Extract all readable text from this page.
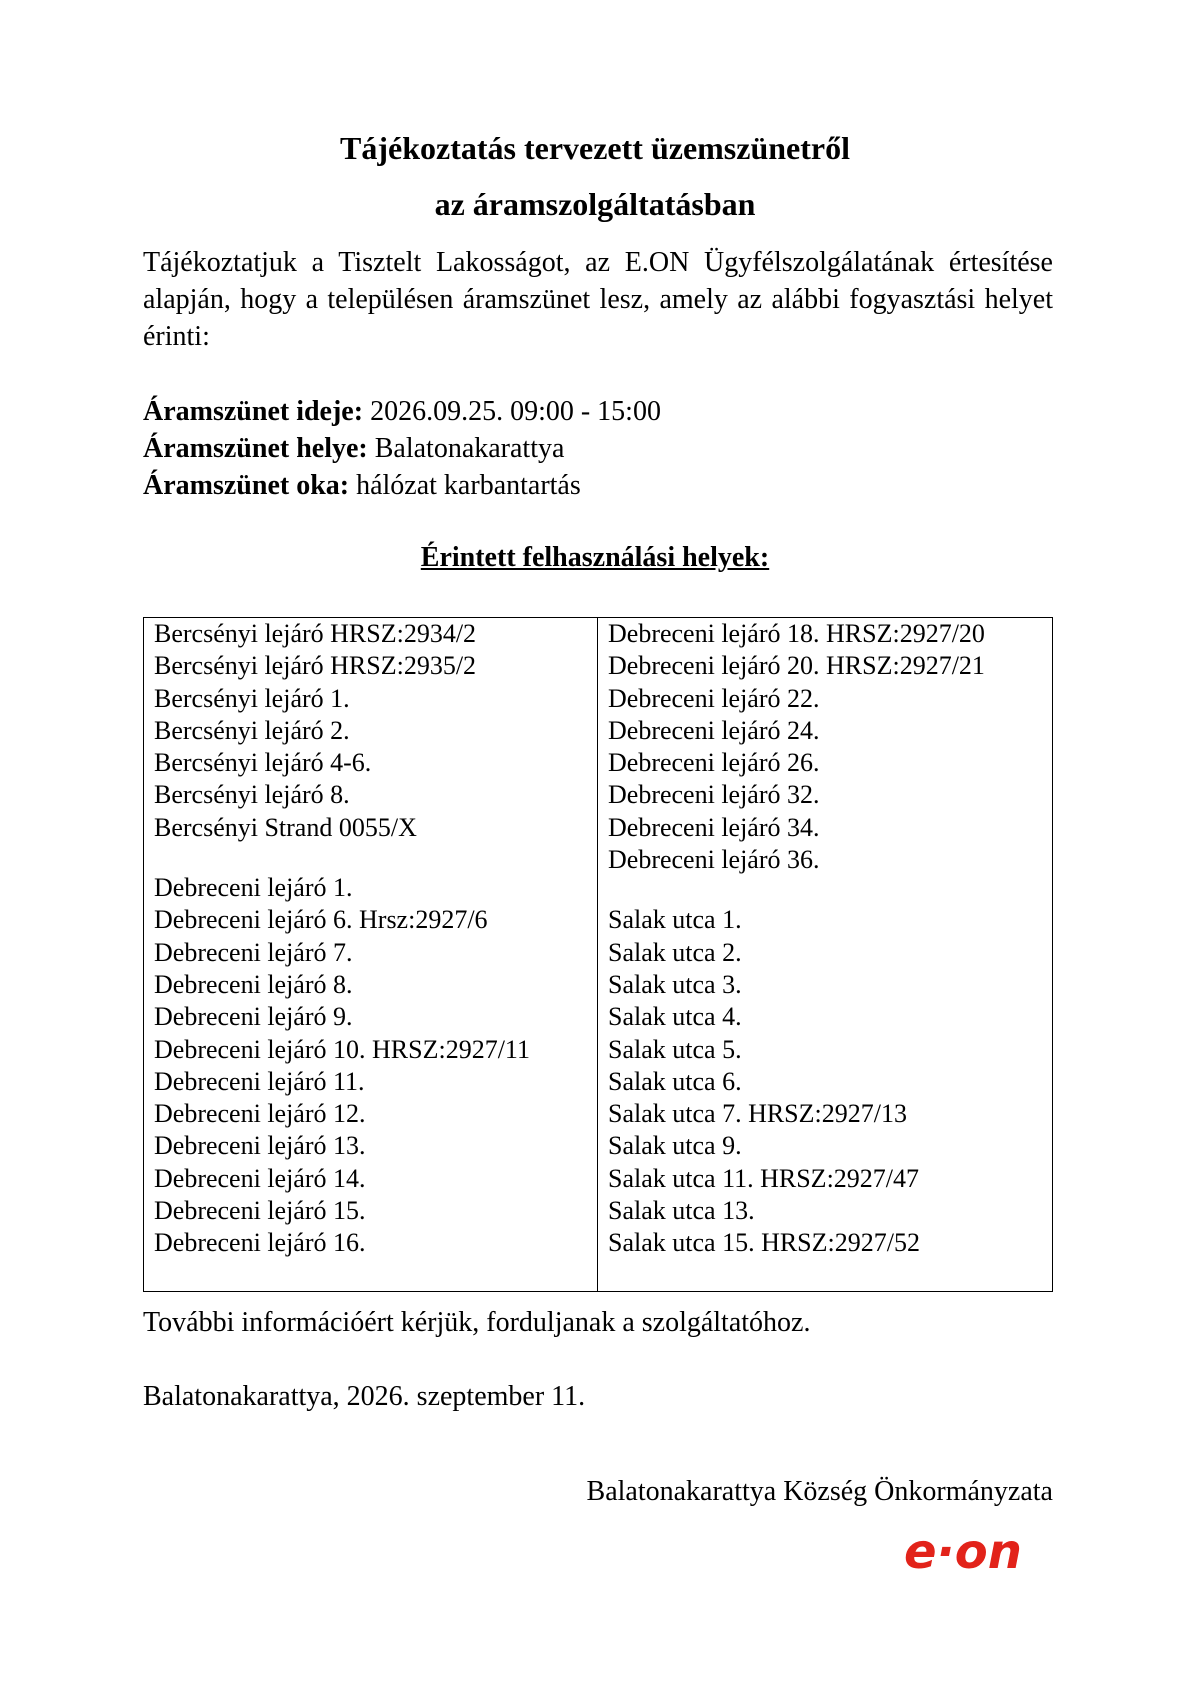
Tájékoztatás tervezett üzemszünetről
az áramszolgáltatásban
Tájékoztatjuk a Tisztelt Lakosságot, az E.ON Ügyfélszolgálatának értesítése alapján, hogy a településen áramszünet lesz, amely az alábbi fogyasztási helyet érinti:
Áramszünet ideje: 2026.09.25. 09:00 - 15:00
Áramszünet helye: Balatonakarattya
Áramszünet oka: hálózat karbantartás
Érintett felhasználási helyek:
Bercsényi lejáró HRSZ:2934/2
Bercsényi lejáró HRSZ:2935/2
Bercsényi lejáró 1.
Bercsényi lejáró 2.
Bercsényi lejáró 4-6.
Bercsényi lejáró 8.
Bercsényi Strand 0055/X
Debreceni lejáró 1.
Debreceni lejáró 6. Hrsz:2927/6
Debreceni lejáró 7.
Debreceni lejáró 8.
Debreceni lejáró 9.
Debreceni lejáró 10. HRSZ:2927/11
Debreceni lejáró 11.
Debreceni lejáró 12.
Debreceni lejáró 13.
Debreceni lejáró 14.
Debreceni lejáró 15.
Debreceni lejáró 16.
Debreceni lejáró 18. HRSZ:2927/20
Debreceni lejáró 20. HRSZ:2927/21
Debreceni lejáró 22.
Debreceni lejáró 24.
Debreceni lejáró 26.
Debreceni lejáró 32.
Debreceni lejáró 34.
Debreceni lejáró 36.
Salak utca 1.
Salak utca 2.
Salak utca 3.
Salak utca 4.
Salak utca 5.
Salak utca 6.
Salak utca 7. HRSZ:2927/13
Salak utca 9.
Salak utca 11. HRSZ:2927/47
Salak utca 13.
Salak utca 15. HRSZ:2927/52
További információért kérjük, forduljanak a szolgáltatóhoz.
Balatonakarattya, 2026. szeptember 11.
Balatonakarattya Község Önkormányzata
e·on
